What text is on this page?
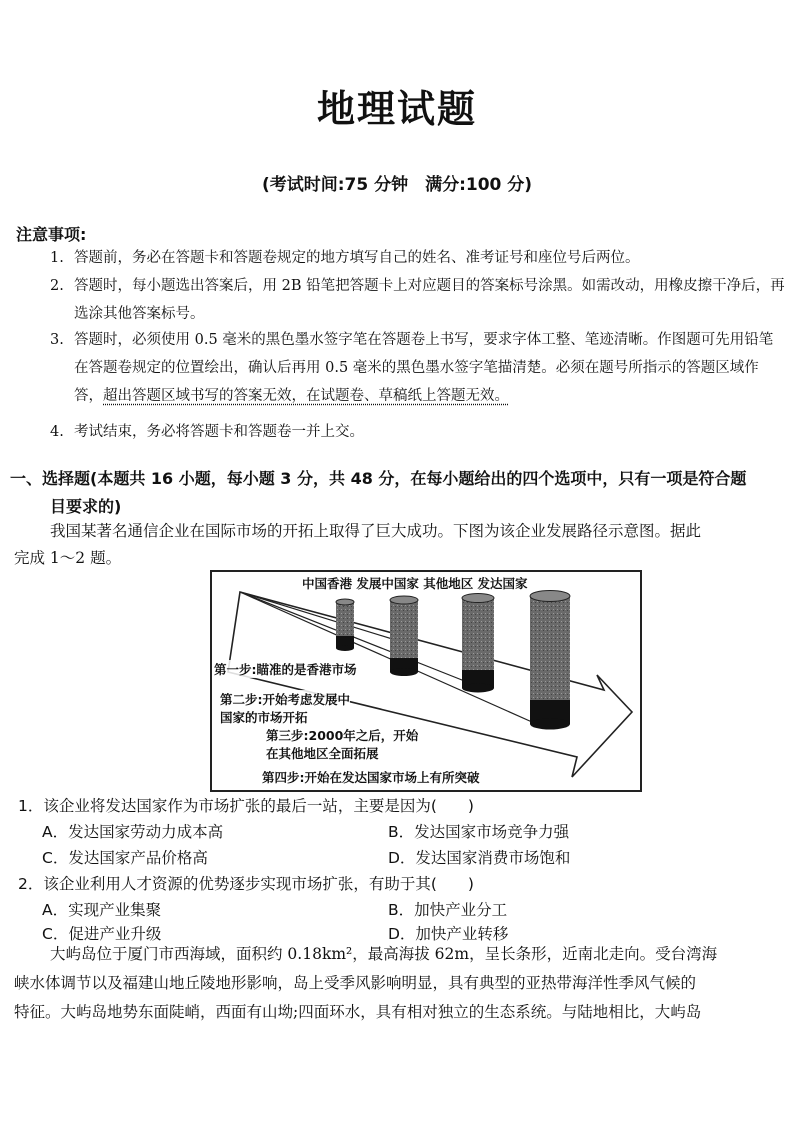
地理试题
(考试时间:75 分钟　满分:100 分)
注意事项:
1. 答题前，务必在答题卡和答题卷规定的地方填写自己的姓名、准考证号和座位号后两位。
2. 答题时，每小题选出答案后，用 2B 铅笔把答题卡上对应题目的答案标号涂黑。如需改动，用橡皮擦干净后，再选涂其他答案标号。
3. 答题时，必须使用 0.5 毫米的黑色墨水签字笔在答题卷上书写，要求字体工整、笔迹清晰。作图题可先用铅笔在答题卷规定的位置绘出，确认后再用 0.5 毫米的黑色墨水签字笔描清楚。必须在题号所指示的答题区域作答，超出答题区域书写的答案无效，在试题卷、草稿纸上答题无效。
4. 考试结束，务必将答题卡和答题卷一并上交。
一、选择题(本题共 16 小题，每小题 3 分，共 48 分，在每小题给出的四个选项中，只有一项是符合题
目要求的)
我国某著名通信企业在国际市场的开拓上取得了巨大成功。下图为该企业发展路径示意图。据此
完成 1～2 题。
中国香港 发展中国家 其他地区 发达国家
第一步:瞄准的是香港市场
第二步:开始考虑发展中
国家的市场开拓
第三步:2000年之后，开始
在其他地区全面拓展
第四步:开始在发达国家市场上有所突破
1．该企业将发达国家作为市场扩张的最后一站，主要是因为(　　)
A．发达国家劳动力成本高	B．发达国家市场竞争力强
C．发达国家产品价格高	D．发达国家消费市场饱和
2．该企业利用人才资源的优势逐步实现市场扩张，有助于其(　　)
A．实现产业集聚	B．加快产业分工
C．促进产业升级	D．加快产业转移
大屿岛位于厦门市西海域，面积约 0.18km²，最高海拔 62m，呈长条形，近南北走向。受台湾海
峡水体调节以及福建山地丘陵地形影响，岛上受季风影响明显，具有典型的亚热带海洋性季风气候的
特征。大屿岛地势东面陡峭，西面有山坳;四面环水，具有相对独立的生态系统。与陆地相比，大屿岛
